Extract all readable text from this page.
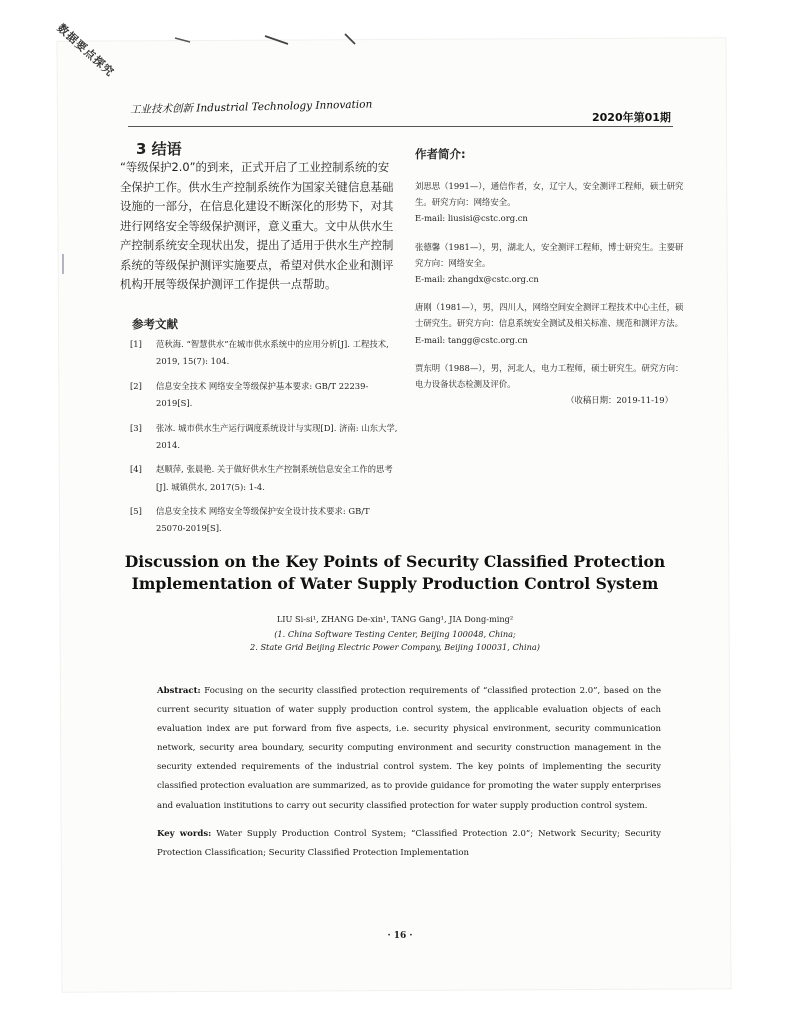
数据要点探究
工业技术创新 Industrial Technology Innovation
2020年第01期
3 结语
“等级保护2.0”的到来，正式开启了工业控制系统的安全保护工作。供水生产控制系统作为国家关键信息基础设施的一部分，在信息化建设不断深化的形势下，对其进行网络安全等级保护测评，意义重大。文中从供水生产控制系统安全现状出发，提出了适用于供水生产控制系统的等级保护测评实施要点，希望对供水企业和测评机构开展等级保护测评工作提供一点帮助。
参考文献
[1]	范秋海. “智慧供水”在城市供水系统中的应用分析[J]. 工程技术, 2019, 15(7): 104.
[2]	信息安全技术 网络安全等级保护基本要求: GB/T 22239-2019[S].
[3]	张冰. 城市供水生产运行调度系统设计与实现[D]. 济南: 山东大学, 2014.
[4]	赵顺萍, 张晨艳. 关于做好供水生产控制系统信息安全工作的思考[J]. 城镇供水, 2017(5): 1-4.
[5]	信息安全技术 网络安全等级保护安全设计技术要求: GB/T 25070-2019[S].
作者简介:
刘思思（1991—），通信作者，女，辽宁人，安全测评工程师，硕士研究生。研究方向：网络安全。
E-mail: liusisi@cstc.org.cn
张德馨（1981—），男，湖北人，安全测评工程师，博士研究生。主要研究方向：网络安全。
E-mail: zhangdx@cstc.org.cn
唐刚（1981—），男，四川人，网络空间安全测评工程技术中心主任，硕士研究生。研究方向：信息系统安全测试及相关标准、规范和测评方法。
E-mail: tangg@cstc.org.cn
贾东明（1988—），男，河北人，电力工程师，硕士研究生。研究方向：电力设备状态检测及评价。
（收稿日期：2019-11-19）
Discussion on the Key Points of Security Classified Protection
Implementation of Water Supply Production Control System
LIU Si-si¹, ZHANG De-xin¹, TANG Gang¹, JIA Dong-ming²
(1. China Software Testing Center, Beijing 100048, China;
2. State Grid Beijing Electric Power Company, Beijing 100031, China)
Abstract: Focusing on the security classified protection requirements of “classified protection 2.0”, based on the current security situation of water supply production control system, the applicable evaluation objects of each evaluation index are put forward from five aspects, i.e. security physical environment, security communication network, security area boundary, security computing environment and security construction management in the security extended requirements of the industrial control system. The key points of implementing the security classified protection evaluation are summarized, as to provide guidance for promoting the water supply enterprises and evaluation institutions to carry out security classified protection for water supply production control system.
Key words: Water Supply Production Control System; “Classified Protection 2.0”; Network Security; Security Protection Classification; Security Classified Protection Implementation
· 16 ·
